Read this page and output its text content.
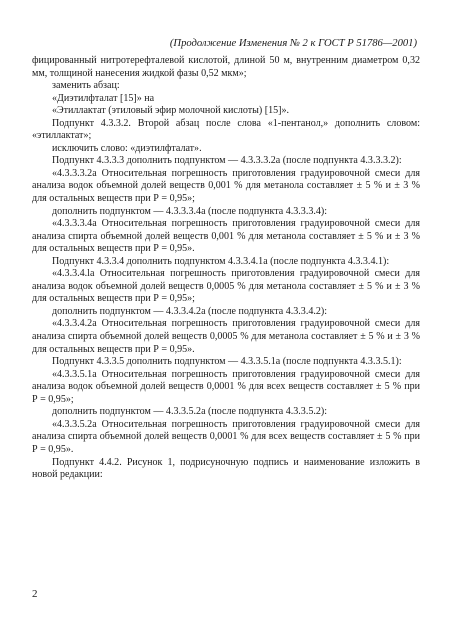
(Продолжение Изменения № 2 к ГОСТ Р 51786—2001)

фицированный нитротерефталевой кислотой, длиной 50 м, внутренним диаметром 0,32 мм, толщиной нанесения жидкой фазы 0,52 мкм»;

заменить абзац:

«Диэтилфталат [15]» на

«Этиллактат (этиловый эфир молочной кислоты) [15]».

Подпункт 4.3.3.2. Второй абзац после слова «1-пентанол,» дополнить словом: «этиллактат»;

исключить слово: «диэтилфталат».

Подпункт 4.3.3.3 дополнить подпунктом — 4.3.3.3.2а (после подпункта 4.3.3.3.2):

«4.3.3.3.2а Относительная погрешность приготовления градуировочной смеси для анализа водок объемной долей веществ 0,001 % для метанола составляет ± 5 % и ± 3 % для остальных веществ при Р = 0,95»;

дополнить подпунктом — 4.3.3.3.4а (после подпункта 4.3.3.3.4):

«4.3.3.3.4а Относительная погрешность приготовления градуировочной смеси для анализа спирта объемной долей веществ 0,001 % для метанола составляет ± 5 % и ± 3 % для остальных веществ при Р = 0,95».

Подпункт 4.3.3.4 дополнить подпунктом 4.3.3.4.1а (после подпункта 4.3.3.4.1):

«4.3.3.4.lа Относительная погрешность приготовления градуировочной смеси для анализа водок объемной долей веществ 0,0005 % для метанола составляет ± 5 % и ± 3 % для остальных веществ при Р = 0,95»;

дополнить подпунктом — 4.3.3.4.2а (после подпункта 4.3.3.4.2):

«4.3.3.4.2а Относительная погрешность приготовления градуировочной смеси для анализа спирта объемной долей веществ 0,0005 % для метанола составляет ± 5 % и ± 3 % для остальных веществ при Р = 0,95».

Подпункт 4.3.3.5 дополнить подпунктом — 4.3.3.5.1а (после подпункта 4.3.3.5.1):

«4.3.3.5.1а Относительная погрешность приготовления градуировочной смеси для анализа водок объемной долей веществ 0,0001 % для всех веществ составляет ± 5 % при Р = 0,95»;

дополнить подпунктом — 4.3.3.5.2а (после подпункта 4.3.3.5.2):

«4.3.3.5.2а Относительная погрешность приготовления градуировочной смеси для анализа спирта объемной долей веществ 0,0001 % для всех веществ составляет ± 5 % при Р = 0,95».

Подпункт 4.4.2. Рисунок 1, подрисуночную подпись и наименование изложить в новой редакции:

2
